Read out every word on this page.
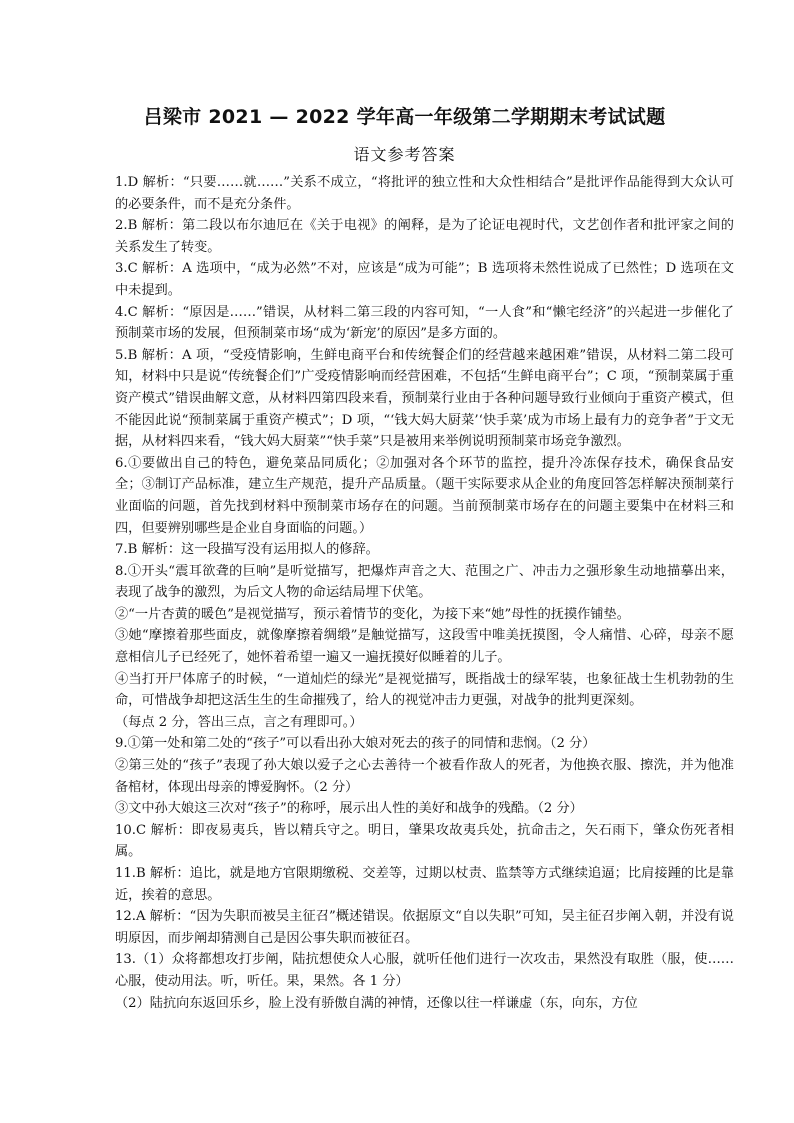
吕梁市 2021 — 2022 学年高一年级第二学期期末考试试题
语文参考答案

1.D 解析：“只要……就……”关系不成立，“将批评的独立性和大众性相结合”是批评作品能得到大众认可的必要条件，而不是充分条件。

2.B 解析：第二段以布尔迪厄在《关于电视》的阐释，是为了论证电视时代，文艺创作者和批评家之间的关系发生了转变。

3.C 解析：A 选项中，“成为必然”不对，应该是“成为可能”；B 选项将未然性说成了已然性；D 选项在文中未提到。

4.C 解析：“原因是……”错误，从材料二第三段的内容可知，“一人食”和“懒宅经济”的兴起进一步催化了预制菜市场的发展，但预制菜市场“成为‘新宠’的原因”是多方面的。

5.B 解析：A 项，“受疫情影响，生鲜电商平台和传统餐企们的经营越来越困难”错误，从材料二第二段可知，材料中只是说“传统餐企们”广受疫情影响而经营困难，不包括“生鲜电商平台”；C 项，“预制菜属于重资产模式”错误曲解文意，从材料四第四段来看，预制菜行业由于各种问题导致行业倾向于重资产模式，但不能因此说“预制菜属于重资产模式”；D 项，“‘钱大妈大厨菜’‘快手菜’成为市场上最有力的竞争者”于文无据，从材料四来看，“钱大妈大厨菜”“快手菜”只是被用来举例说明预制菜市场竞争激烈。

6.①要做出自己的特色，避免菜品同质化；②加强对各个环节的监控，提升冷冻保存技术，确保食品安全；③制订产品标准，建立生产规范，提升产品质量。（题干实际要求从企业的角度回答怎样解决预制菜行业面临的问题，首先找到材料中预制菜市场存在的问题。当前预制菜市场存在的问题主要集中在材料三和四，但要辨别哪些是企业自身面临的问题。）

7.B 解析：这一段描写没有运用拟人的修辞。

8.①开头“震耳欲聋的巨响”是听觉描写，把爆炸声音之大、范围之广、冲击力之强形象生动地描摹出来，表现了战争的激烈，为后文人物的命运结局埋下伏笔。

②“一片杏黄的暖色”是视觉描写，预示着情节的变化，为接下来“她”母性的抚摸作铺垫。

③她“摩擦着那些面皮，就像摩擦着绸缎”是触觉描写，这段雪中唯美抚摸图，令人痛惜、心碎，母亲不愿意相信儿子已经死了，她怀着希望一遍又一遍抚摸好似睡着的儿子。

④当打开尸体席子的时候，“一道灿烂的绿光”是视觉描写，既指战士的绿军装，也象征战士生机勃勃的生命，可惜战争却把这活生生的生命摧残了，给人的视觉冲击力更强，对战争的批判更深刻。

（每点 2 分，答出三点，言之有理即可。）

9.①第一处和第二处的“孩子”可以看出孙大娘对死去的孩子的同情和悲悯。（2 分）

②第三处的“孩子”表现了孙大娘以爱子之心去善待一个被看作敌人的死者，为他换衣服、擦洗，并为他准备棺材，体现出母亲的博爱胸怀。（2 分）

③文中孙大娘这三次对“孩子”的称呼，展示出人性的美好和战争的残酷。（2 分）

10.C 解析：即夜易夷兵，皆以精兵守之。明日，肇果攻故夷兵处，抗命击之，矢石雨下，肇众伤死者相属。

11.B 解析：追比，就是地方官限期缴税、交差等，过期以杖责、监禁等方式继续追逼；比肩接踵的比是靠近，挨着的意思。

12.A 解析：“因为失职而被吴主征召”概述错误。依据原文“自以失职”可知，吴主征召步阐入朝，并没有说明原因，而步阐却猜测自己是因公事失职而被征召。

13.（1）众将都想攻打步阐，陆抗想使众人心服，就听任他们进行一次攻击，果然没有取胜（服，使……心服，使动用法。听，听任。果，果然。各 1 分）

（2）陆抗向东返回乐乡，脸上没有骄傲自满的神情，还像以往一样谦虚（东，向东，方位
